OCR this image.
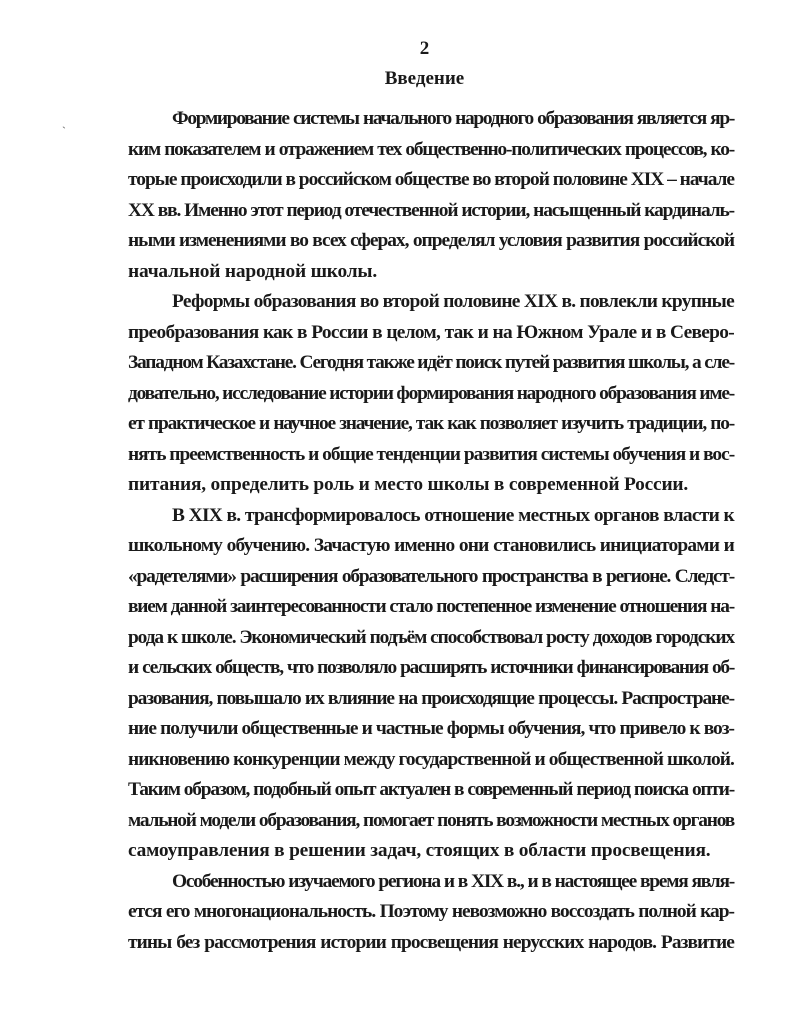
2
Введение

Формирование системы начального народного образования является яр-
ким показателем и отражением тех общественно-политических процессов, ко-
торые происходили в российском обществе во второй половине XIX – начале
XX вв. Именно этот период отечественной истории, насыщенный кардиналь-
ными изменениями во всех сферах, определял условия развития российской
начальной народной школы.

Реформы образования во второй половине XIX в. повлекли крупные
преобразования как в России в целом, так и на Южном Урале и в Северо-
Западном Казахстане. Сегодня также идёт поиск путей развития школы, а сле-
довательно, исследование истории формирования народного образования име-
ет практическое и научное значение, так как позволяет изучить традиции, по-
нять преемственность и общие тенденции развития системы обучения и вос-
питания, определить роль и место школы в современной России.

В XIX в. трансформировалось отношение местных органов власти к
школьному обучению. Зачастую именно они становились инициаторами и
«радетелями» расширения образовательного пространства в регионе. Следст-
вием данной заинтересованности стало постепенное изменение отношения на-
рода к школе. Экономический подъём способствовал росту доходов городских
и сельских обществ, что позволяло расширять источники финансирования об-
разования, повышало их влияние на происходящие процессы. Распростране-
ние получили общественные и частные формы обучения, что привело к воз-
никновению конкуренции между государственной и общественной школой.
Таким образом, подобный опыт актуален в современный период поиска опти-
мальной модели образования, помогает понять возможности местных органов
самоуправления в решении задач, стоящих в области просвещения.

Особенностью изучаемого региона и в XIX в., и в настоящее время явля-
ется его многонациональность. Поэтому невозможно воссоздать полной кар-
тины без рассмотрения истории просвещения нерусских народов. Развитие

`
